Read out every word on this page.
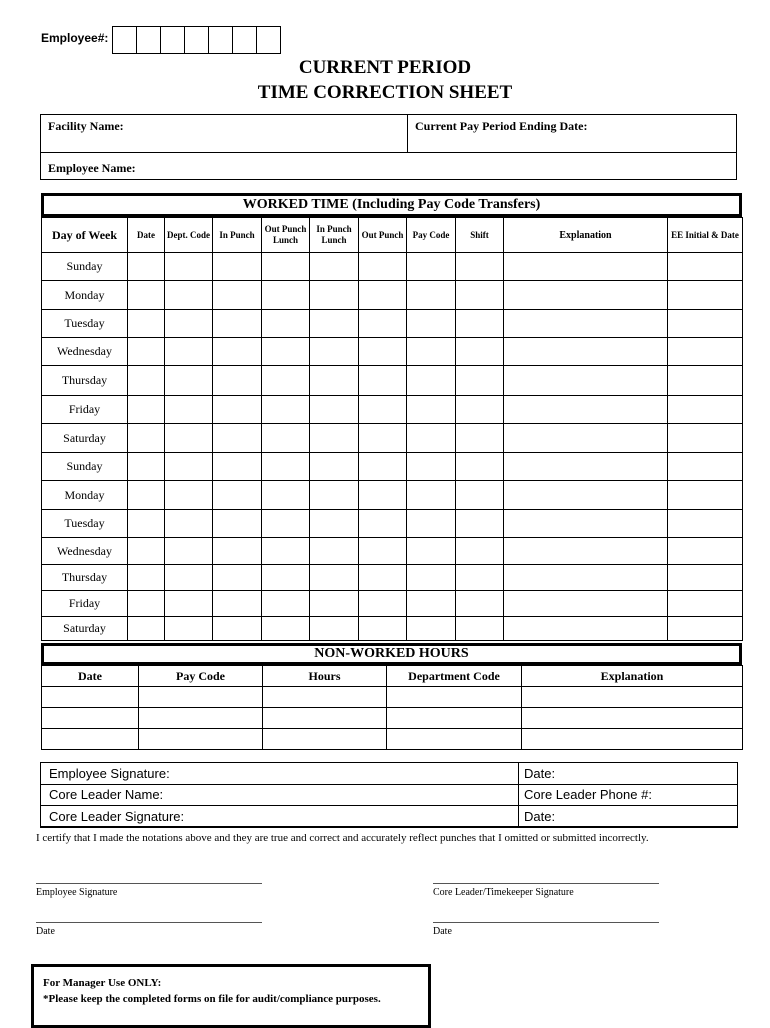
Employee#:
CURRENT PERIOD
TIME CORRECTION SHEET
Facility Name:	Current Pay Period Ending Date:
Employee Name:
WORKED TIME (Including Pay Code Transfers)
Day of Week	Date	Dept. Code	In Punch	Out Punch Lunch	In Punch Lunch	Out Punch	Pay Code	Shift	Explanation	EE Initial & Date
Sunday										
Monday										
Tuesday										
Wednesday										
Thursday										
Friday										
Saturday										
Sunday										
Monday										
Tuesday										
Wednesday										
Thursday										
Friday										
Saturday										
NON-WORKED HOURS
Date	Pay Code	Hours	Department Code	Explanation

Employee Signature:	Date:
Core Leader Name:	Core Leader Phone #:
Core Leader Signature:	Date:
I certify that I made the notations above and they are true and correct and accurately reflect punches that I omitted or submitted incorrectly.
Employee Signature	Core Leader/Timekeeper Signature
Date	Date
For Manager Use ONLY:
*Please keep the completed forms on file for audit/compliance purposes.
